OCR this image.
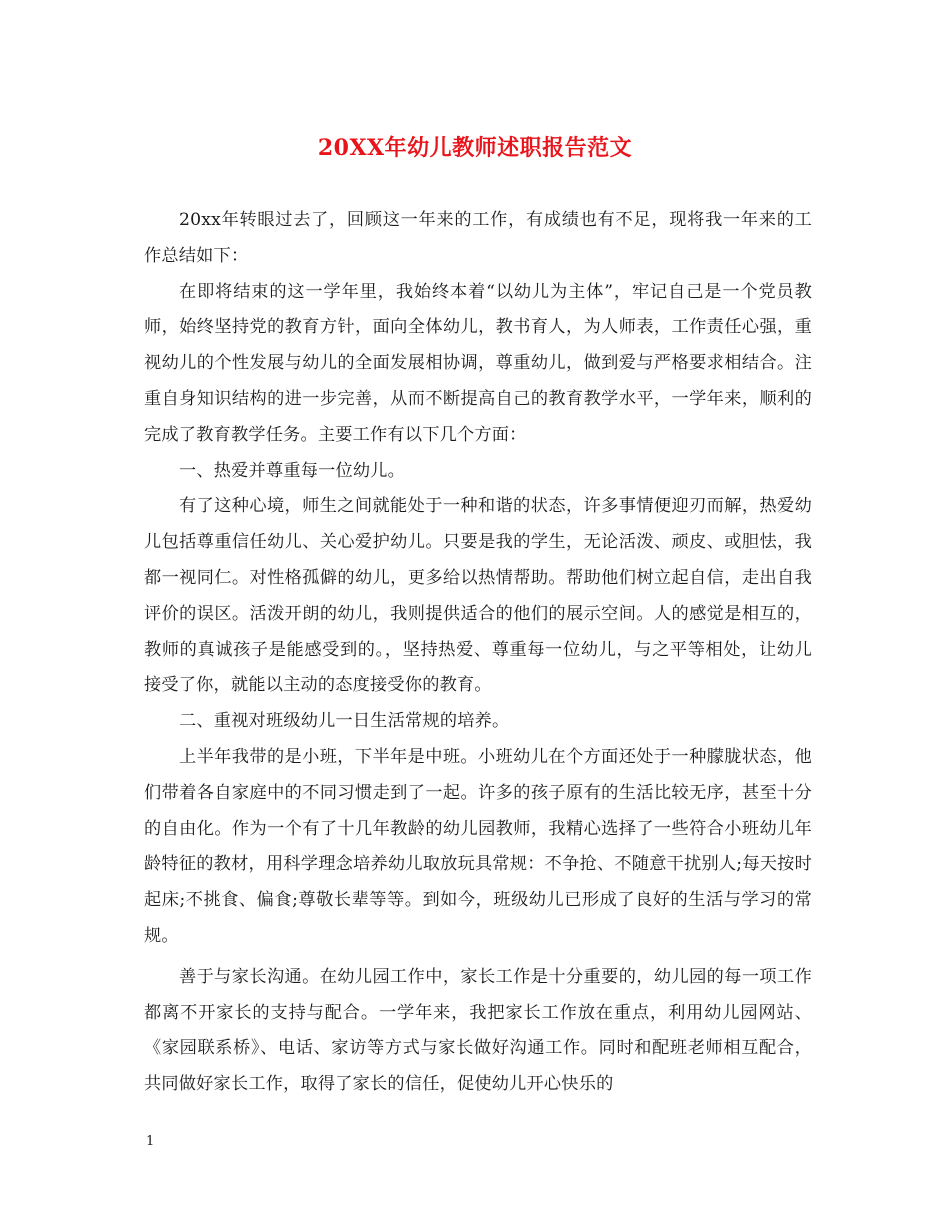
20XX年幼儿教师述职报告范文

20xx年转眼过去了，回顾这一年来的工作，有成绩也有不足，现将我一年来的工作总结如下：

在即将结束的这一学年里，我始终本着“以幼儿为主体”，牢记自己是一个党员教师，始终坚持党的教育方针，面向全体幼儿，教书育人，为人师表，工作责任心强，重视幼儿的个性发展与幼儿的全面发展相协调，尊重幼儿，做到爱与严格要求相结合。注重自身知识结构的进一步完善，从而不断提高自己的教育教学水平，一学年来，顺利的完成了教育教学任务。主要工作有以下几个方面：

一、热爱并尊重每一位幼儿。

有了这种心境，师生之间就能处于一种和谐的状态，许多事情便迎刃而解，热爱幼儿包括尊重信任幼儿、关心爱护幼儿。只要是我的学生，无论活泼、顽皮、或胆怯，我都一视同仁。对性格孤僻的幼儿，更多给以热情帮助。帮助他们树立起自信，走出自我评价的误区。活泼开朗的幼儿，我则提供适合的他们的展示空间。人的感觉是相互的，教师的真诚孩子是能感受到的。，坚持热爱、尊重每一位幼儿，与之平等相处，让幼儿接受了你，就能以主动的态度接受你的教育。

二、重视对班级幼儿一日生活常规的培养。

上半年我带的是小班，下半年是中班。小班幼儿在个方面还处于一种朦胧状态，他们带着各自家庭中的不同习惯走到了一起。许多的孩子原有的生活比较无序，甚至十分的自由化。作为一个有了十几年教龄的幼儿园教师，我精心选择了一些符合小班幼儿年龄特征的教材，用科学理念培养幼儿取放玩具常规：不争抢、不随意干扰别人;每天按时起床;不挑食、偏食;尊敬长辈等等。到如今，班级幼儿已形成了良好的生活与学习的常规。

善于与家长沟通。在幼儿园工作中，家长工作是十分重要的，幼儿园的每一项工作都离不开家长的支持与配合。一学年来，我把家长工作放在重点，利用幼儿园网站、《家园联系桥》、电话、家访等方式与家长做好沟通工作。同时和配班老师相互配合，共同做好家长工作，取得了家长的信任，促使幼儿开心快乐的

1
